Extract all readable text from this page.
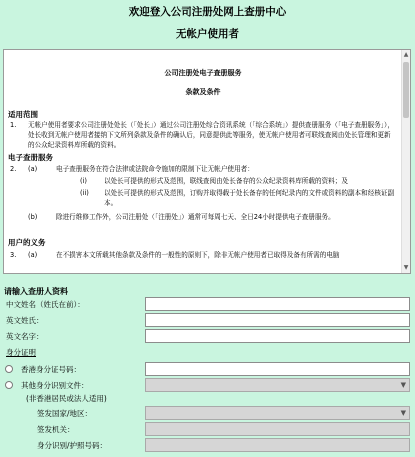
欢迎登入公司注册处网上查册中心
无帐户使用者
公司注册处电子查册服务
条款及条件
适用范围
1. 无帐户使用者要求公司注册处处长（「处长」）通过公司注册处综合资讯系统（「综合系统」）提供查册服务（「电子查册服务」），处长收到无帐户使用者接纳下文所列条款及条件的确认后，同意提供此等服务，使无帐户使用者可联线查阅由处长管理和更新的公众纪录资料库所载的资料。
电子查册服务
2. (a)	电子查册服务在符合法律或法院命令施加的限制下让无帐户使用者：
(i)	以处长可提供的形式及范围，联线查阅由处长备存的公众纪录资料库所载的资料；及
(ii) 以处长可提供的形式及范围，订购并取得载于处长备存的任何纪录内的文件或资料的副本和经核证副本。
(b)	除进行维修工作外，公司注册处（「注册处」）通常可每周七天、全日24小时提供电子查册服务。
用户的义务
3. (a)	在不损害本文所载其他条款及条件的一般性的原则下，除非无帐户使用者已取得及备有所需的电脑
▲
▼
请输入查册人资料
中文姓名（姓氏在前）：
英文姓氏：
英文名字：
身分证明
香港身分证号码：
其他身分识别文件：	▼
(非香港居民或法人适用)
签发国家/地区：	▼
签发机关：
身分识别/护照号码：
